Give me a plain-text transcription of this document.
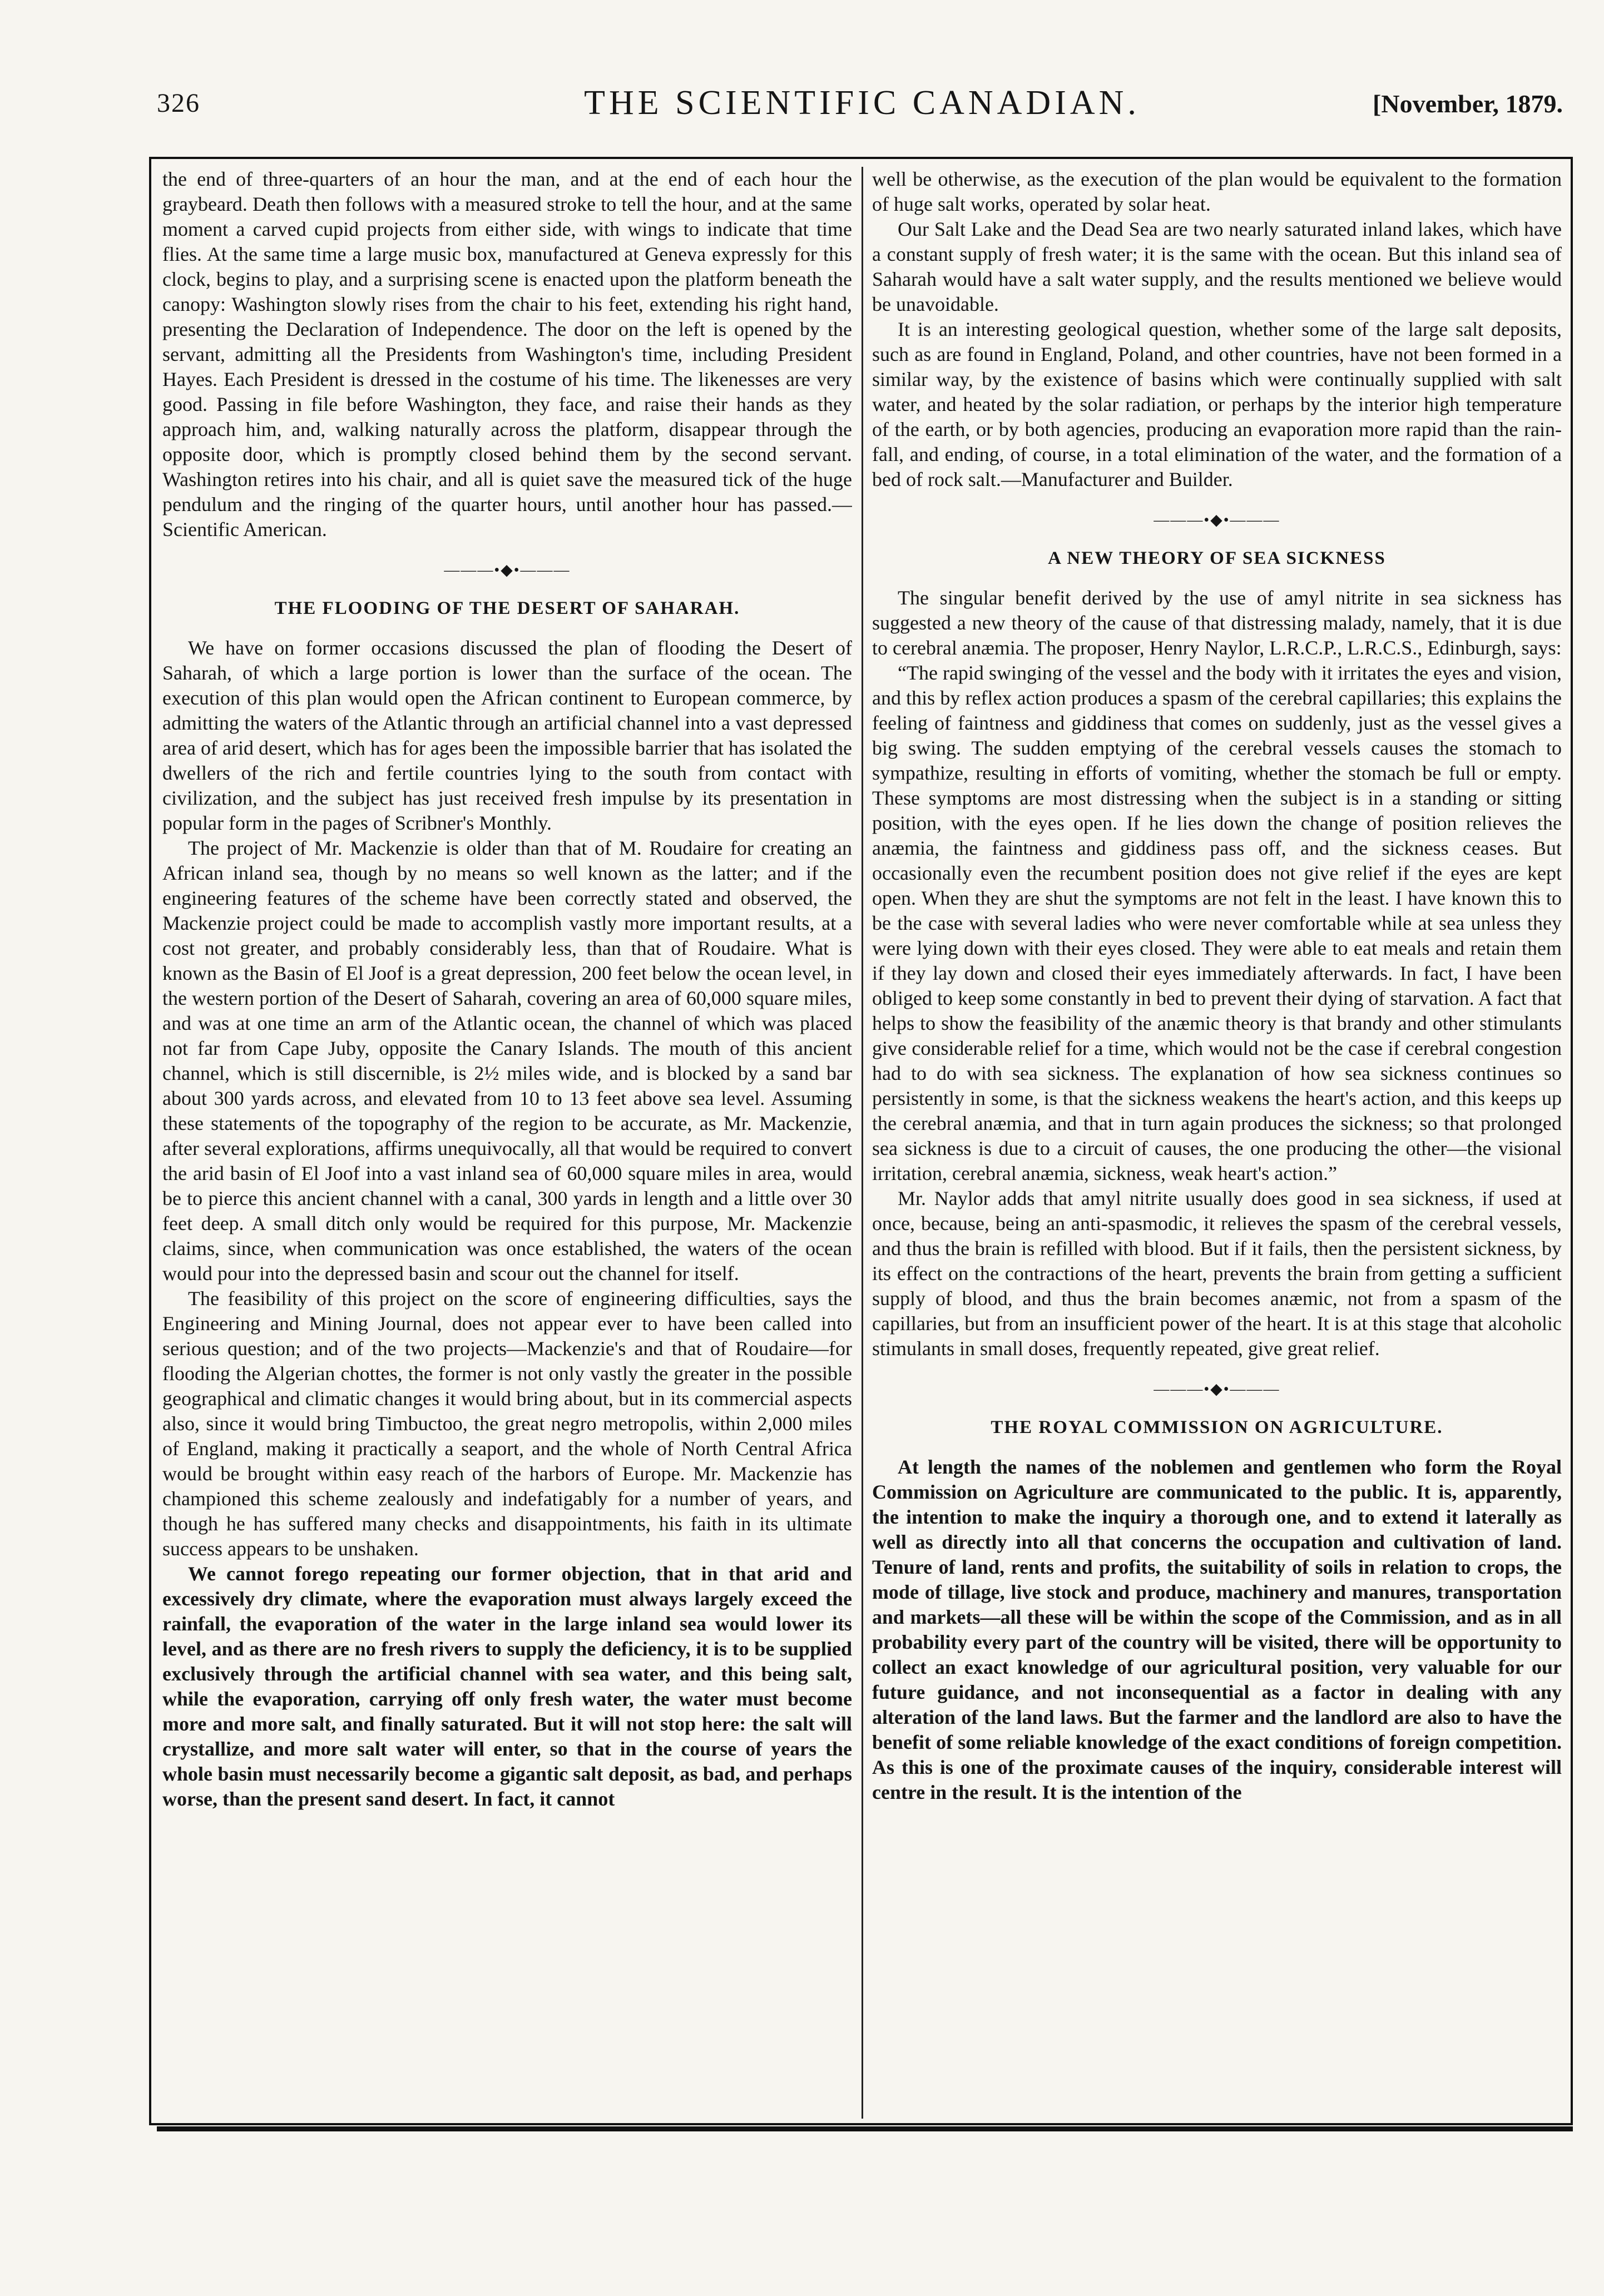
326	THE SCIENTIFIC CANADIAN.	[November, 1879.

the end of three-quarters of an hour the man, and at the end of each hour the graybeard. Death then follows with a measured stroke to tell the hour, and at the same moment a carved cupid projects from either side, with wings to indicate that time flies. At the same time a large music box, manufactured at Geneva expressly for this clock, begins to play, and a surprising scene is enacted upon the platform beneath the canopy: Washington slowly rises from the chair to his feet, extending his right hand, presenting the Declaration of Independence. The door on the left is opened by the servant, admitting all the Presidents from Washington's time, including President Hayes. Each President is dressed in the costume of his time. The likenesses are very good. Passing in file before Washington, they face, and raise their hands as they approach him, and, walking naturally across the platform, disappear through the opposite door, which is promptly closed behind them by the second servant. Washington retires into his chair, and all is quiet save the measured tick of the huge pendulum and the ringing of the quarter hours, until another hour has passed.—Scientific American.

———•◆•———
THE FLOODING OF THE DESERT OF SAHARAH.

We have on former occasions discussed the plan of flooding the Desert of Saharah, of which a large portion is lower than the surface of the ocean. The execution of this plan would open the African continent to European commerce, by admitting the waters of the Atlantic through an artificial channel into a vast depressed area of arid desert, which has for ages been the impossible barrier that has isolated the dwellers of the rich and fertile countries lying to the south from contact with civilization, and the subject has just received fresh impulse by its presentation in popular form in the pages of Scribner's Monthly.

The project of Mr. Mackenzie is older than that of M. Roudaire for creating an African inland sea, though by no means so well known as the latter; and if the engineering features of the scheme have been correctly stated and observed, the Mackenzie project could be made to accomplish vastly more important results, at a cost not greater, and probably considerably less, than that of Roudaire. What is known as the Basin of El Joof is a great depression, 200 feet below the ocean level, in the western portion of the Desert of Saharah, covering an area of 60,000 square miles, and was at one time an arm of the Atlantic ocean, the channel of which was placed not far from Cape Juby, opposite the Canary Islands. The mouth of this ancient channel, which is still discernible, is 2½ miles wide, and is blocked by a sand bar about 300 yards across, and elevated from 10 to 13 feet above sea level. Assuming these statements of the topography of the region to be accurate, as Mr. Mackenzie, after several explorations, affirms unequivocally, all that would be required to convert the arid basin of El Joof into a vast inland sea of 60,000 square miles in area, would be to pierce this ancient channel with a canal, 300 yards in length and a little over 30 feet deep. A small ditch only would be required for this purpose, Mr. Mackenzie claims, since, when communication was once established, the waters of the ocean would pour into the depressed basin and scour out the channel for itself.

The feasibility of this project on the score of engineering difficulties, says the Engineering and Mining Journal, does not appear ever to have been called into serious question; and of the two projects—Mackenzie's and that of Roudaire—for flooding the Algerian chottes, the former is not only vastly the greater in the possible geographical and climatic changes it would bring about, but in its commercial aspects also, since it would bring Timbuctoo, the great negro metropolis, within 2,000 miles of England, making it practically a seaport, and the whole of North Central Africa would be brought within easy reach of the harbors of Europe. Mr. Mackenzie has championed this scheme zealously and indefatigably for a number of years, and though he has suffered many checks and disappointments, his faith in its ultimate success appears to be unshaken.

We cannot forego repeating our former objection, that in that arid and excessively dry climate, where the evaporation must always largely exceed the rainfall, the evaporation of the water in the large inland sea would lower its level, and as there are no fresh rivers to supply the deficiency, it is to be supplied exclusively through the artificial channel with sea water, and this being salt, while the evaporation, carrying off only fresh water, the water must become more and more salt, and finally saturated. But it will not stop here: the salt will crystallize, and more salt water will enter, so that in the course of years the whole basin must necessarily become a gigantic salt deposit, as bad, and perhaps worse, than the present sand desert. In fact, it cannot

well be otherwise, as the execution of the plan would be equivalent to the formation of huge salt works, operated by solar heat.

Our Salt Lake and the Dead Sea are two nearly saturated inland lakes, which have a constant supply of fresh water; it is the same with the ocean. But this inland sea of Saharah would have a salt water supply, and the results mentioned we believe would be unavoidable.

It is an interesting geological question, whether some of the large salt deposits, such as are found in England, Poland, and other countries, have not been formed in a similar way, by the existence of basins which were continually supplied with salt water, and heated by the solar radiation, or perhaps by the interior high temperature of the earth, or by both agencies, producing an evaporation more rapid than the rain-fall, and ending, of course, in a total elimination of the water, and the formation of a bed of rock salt.—Manufacturer and Builder.

———•◆•———
A NEW THEORY OF SEA SICKNESS

The singular benefit derived by the use of amyl nitrite in sea sickness has suggested a new theory of the cause of that distressing malady, namely, that it is due to cerebral anæmia. The proposer, Henry Naylor, L.R.C.P., L.R.C.S., Edinburgh, says:

“The rapid swinging of the vessel and the body with it irritates the eyes and vision, and this by reflex action produces a spasm of the cerebral capillaries; this explains the feeling of faintness and giddiness that comes on suddenly, just as the vessel gives a big swing. The sudden emptying of the cerebral vessels causes the stomach to sympathize, resulting in efforts of vomiting, whether the stomach be full or empty. These symptoms are most distressing when the subject is in a standing or sitting position, with the eyes open. If he lies down the change of position relieves the anæmia, the faintness and giddiness pass off, and the sickness ceases. But occasionally even the recumbent position does not give relief if the eyes are kept open. When they are shut the symptoms are not felt in the least. I have known this to be the case with several ladies who were never comfortable while at sea unless they were lying down with their eyes closed. They were able to eat meals and retain them if they lay down and closed their eyes immediately afterwards. In fact, I have been obliged to keep some constantly in bed to prevent their dying of starvation. A fact that helps to show the feasibility of the anæmic theory is that brandy and other stimulants give considerable relief for a time, which would not be the case if cerebral congestion had to do with sea sickness. The explanation of how sea sickness continues so persistently in some, is that the sickness weakens the heart's action, and this keeps up the cerebral anæmia, and that in turn again produces the sickness; so that prolonged sea sickness is due to a circuit of causes, the one producing the other—the visional irritation, cerebral anæmia, sickness, weak heart's action.”

Mr. Naylor adds that amyl nitrite usually does good in sea sickness, if used at once, because, being an anti-spasmodic, it relieves the spasm of the cerebral vessels, and thus the brain is refilled with blood. But if it fails, then the persistent sickness, by its effect on the contractions of the heart, prevents the brain from getting a sufficient supply of blood, and thus the brain becomes anæmic, not from a spasm of the capillaries, but from an insufficient power of the heart. It is at this stage that alcoholic stimulants in small doses, frequently repeated, give great relief.

———•◆•———
THE ROYAL COMMISSION ON AGRICULTURE.

At length the names of the noblemen and gentlemen who form the Royal Commission on Agriculture are communicated to the public. It is, apparently, the intention to make the inquiry a thorough one, and to extend it laterally as well as directly into all that concerns the occupation and cultivation of land. Tenure of land, rents and profits, the suitability of soils in relation to crops, the mode of tillage, live stock and produce, machinery and manures, transportation and markets—all these will be within the scope of the Commission, and as in all probability every part of the country will be visited, there will be opportunity to collect an exact knowledge of our agricultural position, very valuable for our future guidance, and not inconsequential as a factor in dealing with any alteration of the land laws. But the farmer and the landlord are also to have the benefit of some reliable knowledge of the exact conditions of foreign competition. As this is one of the proximate causes of the inquiry, considerable interest will centre in the result. It is the intention of the
